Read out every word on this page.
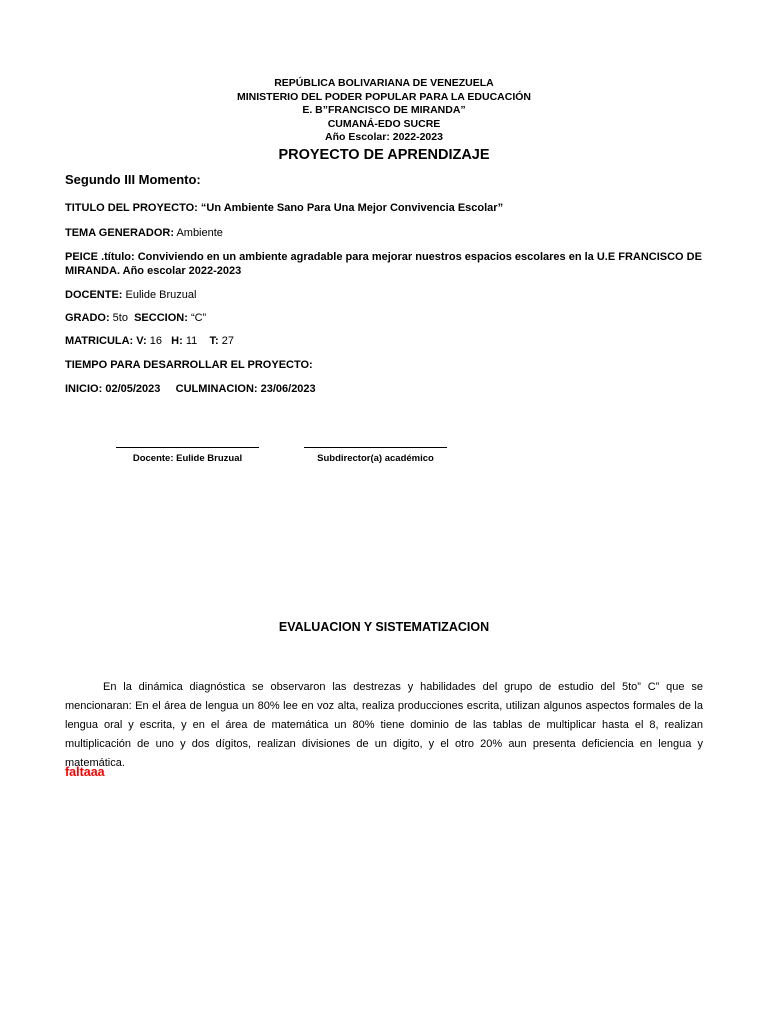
REPÚBLICA BOLIVARIANA DE VENEZUELA
MINISTERIO DEL PODER POPULAR PARA LA EDUCACIÓN
E. B”FRANCISCO DE MIRANDA”
CUMANÁ-EDO SUCRE
Año Escolar: 2022-2023
PROYECTO DE APRENDIZAJE
Segundo III Momento:
TITULO DEL PROYECTO: “Un Ambiente Sano Para Una Mejor Convivencia Escolar”
TEMA GENERADOR: Ambiente
PEICE .título: Conviviendo en un ambiente agradable para mejorar nuestros espacios escolares en la U.E FRANCISCO DE MIRANDA. Año escolar 2022-2023
DOCENTE: Eulide Bruzual
GRADO: 5to SECCION: “C”
MATRICULA: V: 16 H: 11 T: 27
TIEMPO PARA DESARROLLAR EL PROYECTO:
INICIO: 02/05/2023 CULMINACION: 23/06/2023
Docente: Eulide Bruzual	Subdirector(a) académico
EVALUACION Y SISTEMATIZACION
En la dinámica diagnóstica se observaron las destrezas y habilidades del grupo de estudio del 5to” C” que se mencionaran: En el área de lengua un 80% lee en voz alta, realiza producciones escrita, utilizan algunos aspectos formales de la lengua oral y escrita, y en el área de matemática un 80% tiene dominio de las tablas de multiplicar hasta el 8, realizan multiplicación de uno y dos dígitos, realizan divisiones de un digito, y el otro 20% aun presenta deficiencia en lengua y matemática.
faltaaa
